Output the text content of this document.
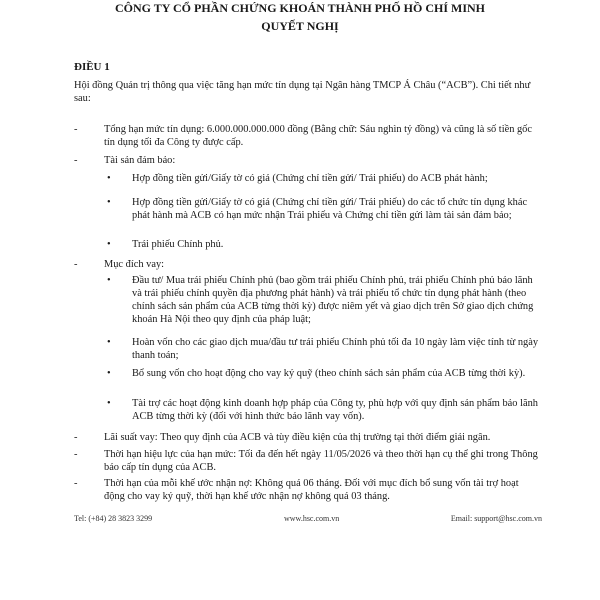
CÔNG TY CỔ PHẦN CHỨNG KHOÁN THÀNH PHỐ HỒ CHÍ MINH
QUYẾT NGHỊ
ĐIỀU 1
Hội đồng Quản trị thông qua việc tăng hạn mức tín dụng tại Ngân hàng TMCP Á Châu (“ACB”). Chi tiết như sau:
-	Tổng hạn mức tín dụng: 6.000.000.000.000 đồng (Bằng chữ: Sáu nghìn tỷ đồng) và cũng là số tiền gốc tín dụng tối đa Công ty được cấp.
-	Tài sản đảm bảo:
• Hợp đồng tiền gửi/Giấy tờ có giá (Chứng chỉ tiền gửi/ Trái phiếu) do ACB phát hành;
• Hợp đồng tiền gửi/Giấy tờ có giá (Chứng chỉ tiền gửi/ Trái phiếu) do các tổ chức tín dụng khác phát hành mà ACB có hạn mức nhận Trái phiếu và Chứng chỉ tiền gửi làm tài sản đảm bảo;
• Trái phiếu Chính phủ.
-	Mục đích vay:
• Đầu tư/ Mua trái phiếu Chính phủ (bao gồm trái phiếu Chính phủ, trái phiếu Chính phủ bảo lãnh và trái phiếu chính quyền địa phương phát hành) và trái phiếu tổ chức tín dụng phát hành (theo chính sách sản phẩm của ACB từng thời kỳ) được niêm yết và giao dịch trên Sở giao dịch chứng khoán Hà Nội theo quy định của pháp luật;
• Hoàn vốn cho các giao dịch mua/đầu tư trái phiếu Chính phủ tối đa 10 ngày làm việc tính từ ngày thanh toán;
• Bổ sung vốn cho hoạt động cho vay ký quỹ (theo chính sách sản phẩm của ACB từng thời kỳ).
• Tài trợ các hoạt động kinh doanh hợp pháp của Công ty, phù hợp với quy định sản phẩm bảo lãnh ACB từng thời kỳ (đối với hình thức bảo lãnh vay vốn).
-	Lãi suất vay: Theo quy định của ACB và tùy điều kiện của thị trường tại thời điểm giải ngân.
-	Thời hạn hiệu lực của hạn mức: Tối đa đến hết ngày 11/05/2026 và theo thời hạn cụ thể ghi trong Thông báo cấp tín dụng của ACB.
-	Thời hạn của mỗi khế ước nhận nợ: Không quá 06 tháng. Đối với mục đích bổ sung vốn tài trợ hoạt động cho vay ký quỹ, thời hạn khế ước nhận nợ không quá 03 tháng.
Tel: (+84) 28 3823 3299	www.hsc.com.vn	Email: support@hsc.com.vn
